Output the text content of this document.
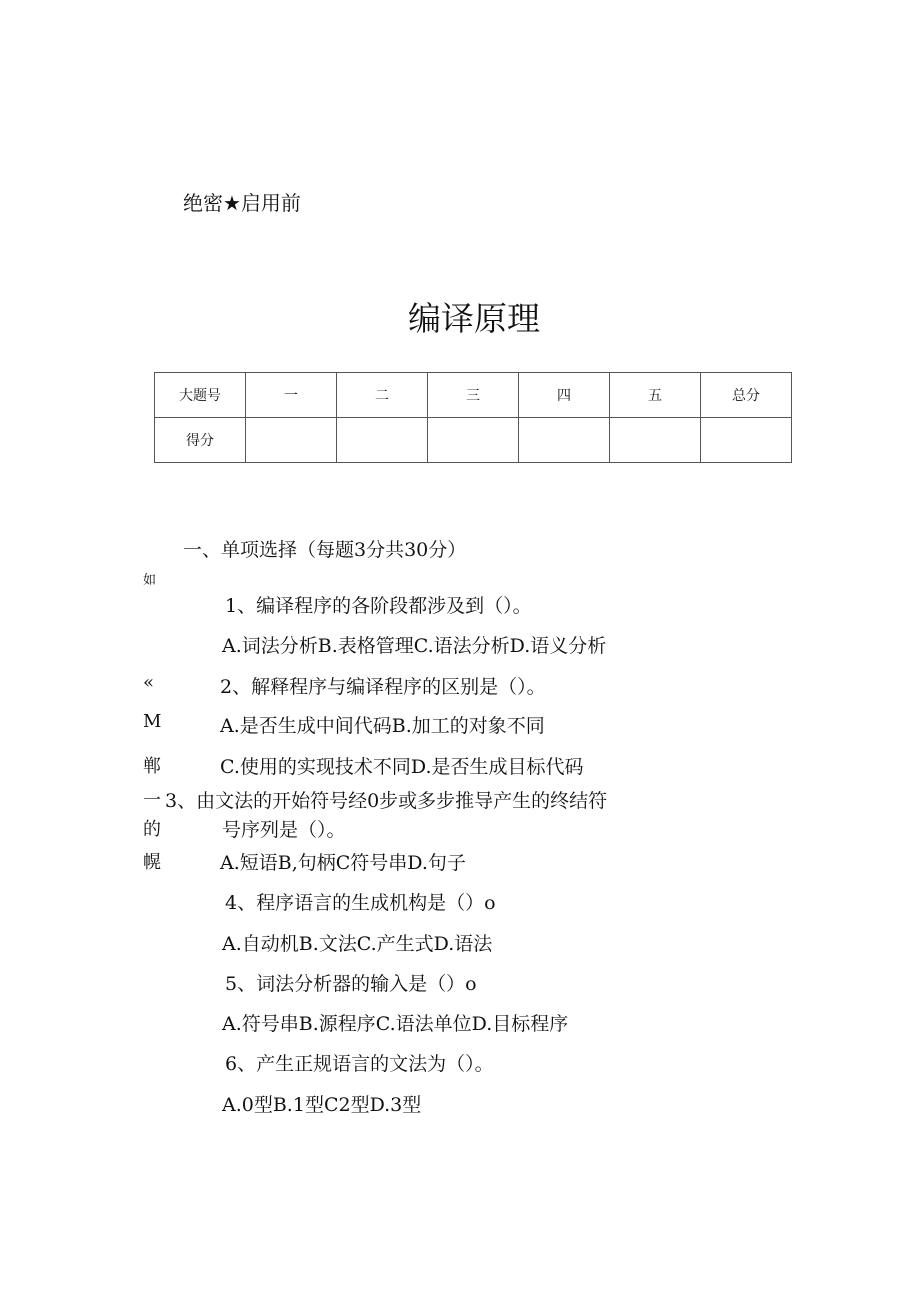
绝密★启用前
编译原理
大题号	一	二	三	四	五	总分
得分						
一、单项选择（每题3分共30分）
如
1、编译程序的各阶段都涉及到（）。
A.词法分析B.表格管理C.语法分析D.语义分析
«	2、解释程序与编译程序的区别是（）。
M	A.是否生成中间代码B.加工的对象不同
郸	C.使用的实现技术不同D.是否生成目标代码
一 3、由文法的开始符号经0步或多步推导产生的终结符
的	号序列是（）。
幌	A.短语B,句柄C符号串D.句子
4、程序语言的生成机构是（）o
A.自动机B.文法C.产生式D.语法
5、词法分析器的输入是（）o
A.符号串B.源程序C.语法单位D.目标程序
6、产生正规语言的文法为（）。
A.0型B.1型C2型D.3型
